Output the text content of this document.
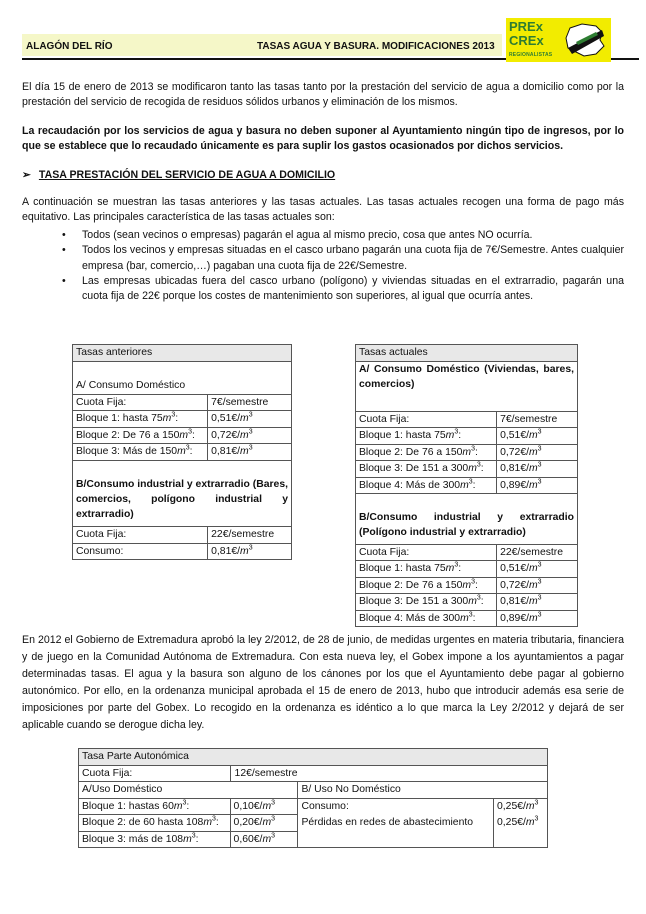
ALAGÓN DEL RÍO	TASAS AGUA Y BASURA. MODIFICACIONES 2013
PREx
CREx
REGIONALISTAS
El día 15 de enero de 2013 se modificaron tanto las tasas tanto por la prestación del servicio de agua a domicilio como por la prestación del servicio de recogida de residuos sólidos urbanos y eliminación de los mismos.
La recaudación por los servicios de agua y basura no deben suponer al Ayuntamiento ningún tipo de ingresos, por lo que se establece que lo recaudado únicamente es para suplir los gastos ocasionados por dichos servicios.
➢ TASA PRESTACIÓN DEL SERVICIO DE AGUA A DOMICILIO
A continuación se muestran las tasas anteriores y las tasas actuales. Las tasas actuales recogen una forma de pago más equitativo. Las principales característica de las tasas actuales son:
• Todos (sean vecinos o empresas) pagarán el agua al mismo precio, cosa que antes NO ocurría.
• Todos los vecinos y empresas situadas en el casco urbano pagarán una cuota fija de 7€/Semestre. Antes cualquier empresa (bar, comercio,…) pagaban una cuota fija de 22€/Semestre.
• Las empresas ubicadas fuera del casco urbano (polígono) y viviendas situadas en el extrarradio, pagarán una cuota fija de 22€ porque los costes de mantenimiento son superiores, al igual que ocurría antes.
Tasas anteriores	

A/ Consumo Doméstico	
Cuota Fija:	7€/semestre
Bloque 1: hasta $75m^3$:	$0,51€/m^3$
Bloque 2: De 76 a $150m^3$:	$0,72€/m^3$
Bloque 3: Más de $150m^3$:	$0,81€/m^3$

B/Consumo industrial y extrarradio (Bares, comercios, polígono industrial y extrarradio)	
Cuota Fija:	22€/semestre
Consumo:	$0,81€/m^3$
Tasas actuales	
A/ Consumo Doméstico (Viviendas, bares, comercios)	
Cuota Fija:	7€/semestre
Bloque 1: hasta $75m^3$:	$0,51€/m^3$
Bloque 2: De 76 a $150m^3$:	$0,72€/m^3$
Bloque 3: De 151 a $300m^3$:	$0,81€/m^3$
Bloque 4: Más de $300m^3$:	$0,89€/m^3$

B/Consumo industrial y extrarradio (Polígono industrial y extrarradio)	
Cuota Fija:	22€/semestre
Bloque 1: hasta $75m^3$:	$0,51€/m^3$
Bloque 2: De 76 a $150m^3$:	$0,72€/m^3$
Bloque 3: De 151 a $300m^3$:	$0,81€/m^3$
Bloque 4: Más de $300m^3$:	$0,89€/m^3$
En 2012 el Gobierno de Extremadura aprobó la ley 2/2012, de 28 de junio, de medidas urgentes en materia tributaria, financiera y de juego en la Comunidad Autónoma de Extremadura. Con esta nueva ley, el Gobex impone a los ayuntamientos a pagar determinadas tasas. El agua y la basura son alguno de los cánones por los que el Ayuntamiento debe pagar al gobierno autonómico. Por ello, en la ordenanza municipal aprobada el 15 de enero de 2013, hubo que introducir además esa serie de imposiciones por parte del Gobex. Lo recogido en la ordenanza es idéntico a lo que marca la Ley 2/2012 y dejará de ser aplicable cuando se derogue dicha ley.
Tasa Parte Autonómica			
Cuota Fija:	12€/semestre		
A/Uso Doméstico		B/ Uso No Doméstico	
Bloque 1: hastas $60m^3$:	$0,10€/m^3$	Consumo:	$0,25€/m^3$
Bloque 2: de 60 hasta $108m^3$:	$0,20€/m^3$	Pérdidas en redes de abastecimiento	$0,25€/m^3$
Bloque 3: más de $108m^3$:	$0,60€/m^3$		
